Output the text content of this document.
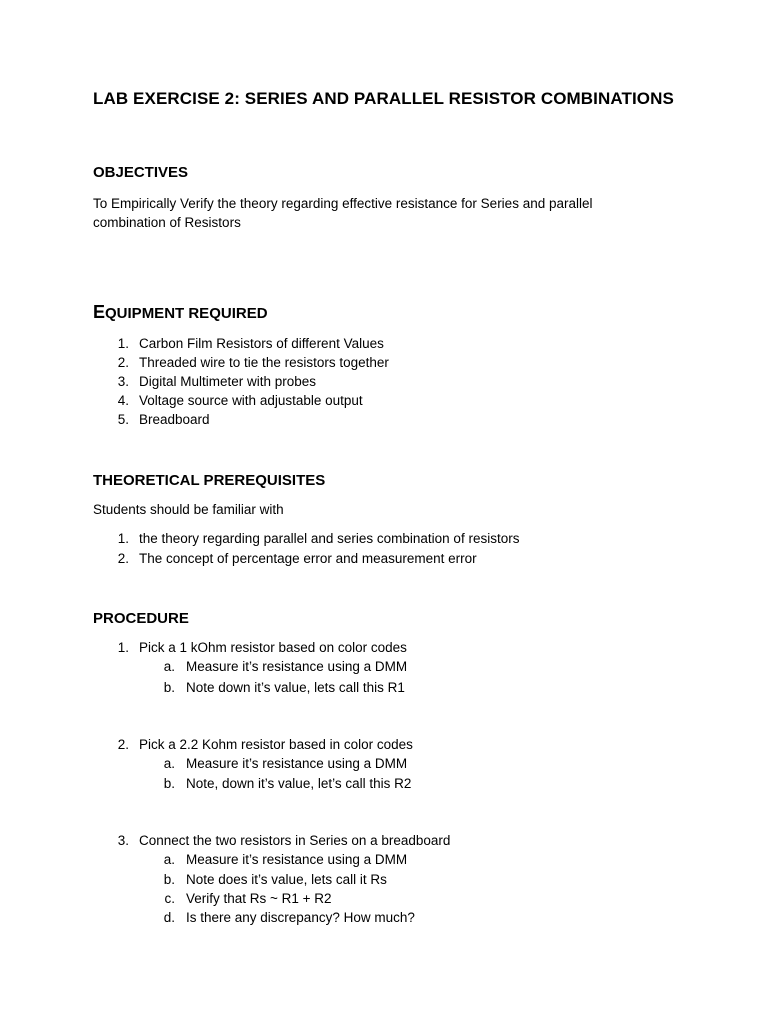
LAB EXERCISE 2: SERIES AND PARALLEL RESISTOR COMBINATIONS
OBJECTIVES
To Empirically Verify the theory regarding effective resistance for Series and parallel combination of Resistors
EQUIPMENT REQUIRED
1. Carbon Film Resistors of different Values
2. Threaded wire to tie the resistors together
3. Digital Multimeter with probes
4. Voltage source with adjustable output
5. Breadboard
THEORETICAL PREREQUISITES
Students should be familiar with
1. the theory regarding parallel and series combination of resistors
2. The concept of percentage error and measurement error
PROCEDURE
1. Pick a 1 kOhm resistor based on color codes
a. Measure it’s resistance using a DMM
b. Note down it’s value, lets call this R1
2. Pick a 2.2 Kohm resistor based in color codes
a. Measure it’s resistance using a DMM
b. Note, down it’s value, let’s call this R2
3. Connect the two resistors in Series on a breadboard
a. Measure it’s resistance using a DMM
b. Note does it’s value, lets call it Rs
c. Verify that Rs ~ R1 + R2
d. Is there any discrepancy? How much?
